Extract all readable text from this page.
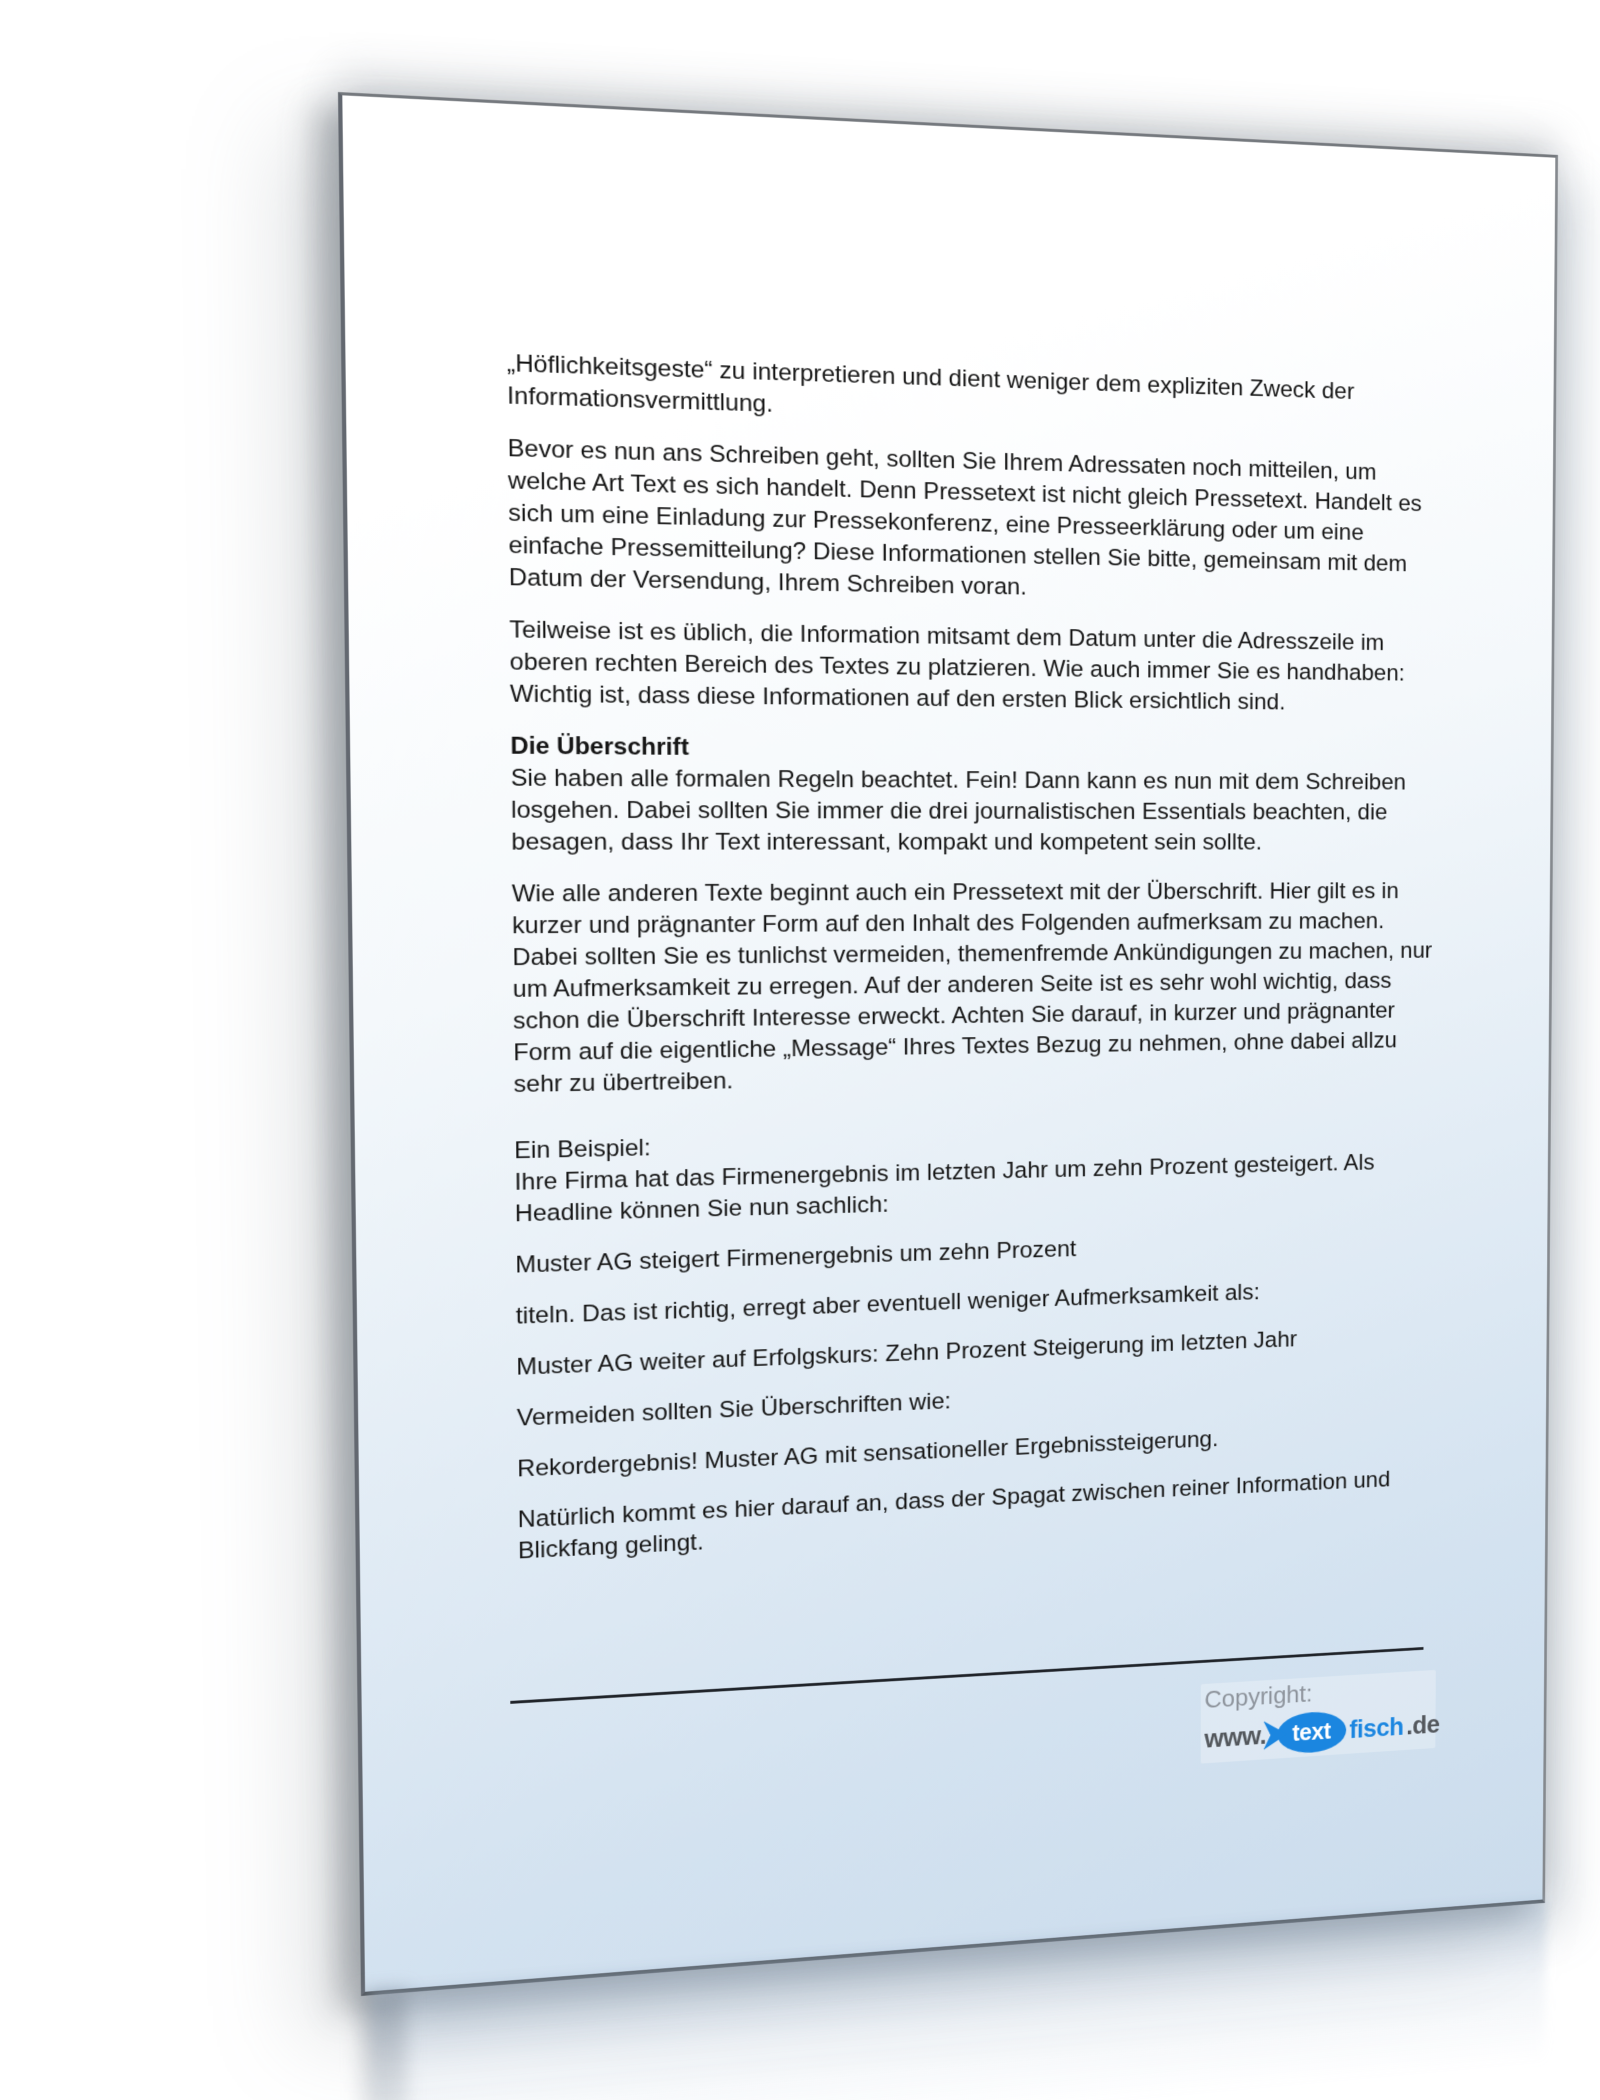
„Höflichkeitsgeste“ zu interpretieren und dient weniger dem expliziten Zweck der
Informationsvermittlung.

Bevor es nun ans Schreiben geht, sollten Sie Ihrem Adressaten noch mitteilen, um
welche Art Text es sich handelt. Denn Pressetext ist nicht gleich Pressetext. Handelt es
sich um eine Einladung zur Pressekonferenz, eine Presseerklärung oder um eine
einfache Pressemitteilung? Diese Informationen stellen Sie bitte, gemeinsam mit dem
Datum der Versendung, Ihrem Schreiben voran.

Teilweise ist es üblich, die Information mitsamt dem Datum unter die Adresszeile im
oberen rechten Bereich des Textes zu platzieren. Wie auch immer Sie es handhaben:
Wichtig ist, dass diese Informationen auf den ersten Blick ersichtlich sind.

Die Überschrift

Sie haben alle formalen Regeln beachtet. Fein! Dann kann es nun mit dem Schreiben
losgehen. Dabei sollten Sie immer die drei journalistischen Essentials beachten, die
besagen, dass Ihr Text interessant, kompakt und kompetent sein sollte.

Wie alle anderen Texte beginnt auch ein Pressetext mit der Überschrift. Hier gilt es in
kurzer und prägnanter Form auf den Inhalt des Folgenden aufmerksam zu machen.
Dabei sollten Sie es tunlichst vermeiden, themenfremde Ankündigungen zu machen, nur
um Aufmerksamkeit zu erregen. Auf der anderen Seite ist es sehr wohl wichtig, dass
schon die Überschrift Interesse erweckt. Achten Sie darauf, in kurzer und prägnanter
Form auf die eigentliche „Message“ Ihres Textes Bezug zu nehmen, ohne dabei allzu
sehr zu übertreiben.

Ein Beispiel:
Ihre Firma hat das Firmenergebnis im letzten Jahr um zehn Prozent gesteigert. Als
Headline können Sie nun sachlich:

Muster AG steigert Firmenergebnis um zehn Prozent

titeln. Das ist richtig, erregt aber eventuell weniger Aufmerksamkeit als:

Muster AG weiter auf Erfolgskurs: Zehn Prozent Steigerung im letzten Jahr

Vermeiden sollten Sie Überschriften wie:

Rekordergebnis! Muster AG mit sensationeller Ergebnissteigerung.

Natürlich kommt es hier darauf an, dass der Spagat zwischen reiner Information und
Blickfang gelingt.

Copyright:
www. text fisch .de
